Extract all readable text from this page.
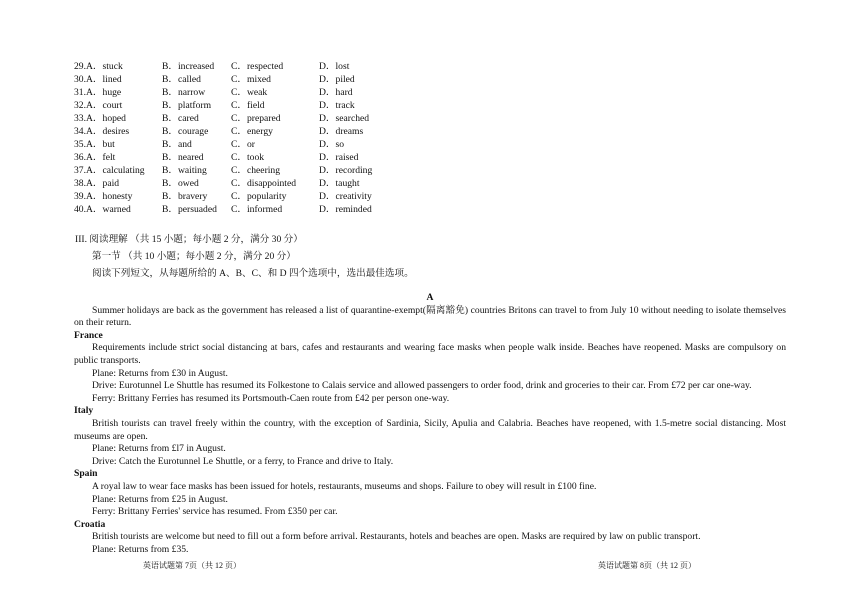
29. A．stuck	B．increased C．respected	D．lost
30. A．lined	B．called	C．mixed	D．piled
31. A．huge	B．narrow	C．weak	D．hard
32. A．court	B．platform C．field	D．track
33. A．hoped	B．cared	C．prepared	D．searched
34. A．desires	B．courage C．energy	D．dreams
35. A．but	B．and	C．or	D．so
36. A．felt	B．neared	C．took	D．raised
37. A．calculating B．waiting	C．cheering	D．recording
38. A．paid	B．owed	C．disappointed D．taught
39. A．honesty	B．bravery C．popularity	D．creativity
40. A．warned	B．persuaded C．informed	D．reminded
III. 阅读理解 （共 15 小题；每小题 2 分，满分 30 分）
第一节 （共 10 小题；每小题 2 分，满分 20 分）
阅读下列短文，从每题所给的 A、B、C、和 D 四个选项中，选出最佳选项。

A

Summer holidays are back as the government has released a list of quarantine-exempt(隔离豁免) countries Britons can travel to from July 10 without needing to isolate themselves on their return.

France

Requirements include strict social distancing at bars, cafes and restaurants and wearing face masks when people walk inside. Beaches have reopened. Masks are compulsory on public transports.

Plane: Returns from £30 in August.

Drive: Eurotunnel Le Shuttle has resumed its Folkestone to Calais service and allowed passengers to order food, drink and groceries to their car. From £72 per car one-way.

Ferry: Brittany Ferries has resumed its Portsmouth-Caen route from £42 per person one-way.

Italy

British tourists can travel freely within the country, with the exception of Sardinia, Sicily, Apulia and Calabria. Beaches have reopened, with 1.5-metre social distancing. Most museums are open.

Plane: Returns from £l7 in August.

Drive: Catch the Eurotunnel Le Shuttle, or a ferry, to France and drive to Italy.

Spain

A royal law to wear face masks has been issued for hotels, restaurants, museums and shops. Failure to obey will result in £100 fine.

Plane: Returns from £25 in August.

Ferry: Brittany Ferries' service has resumed. From £350 per car.

Croatia

British tourists are welcome but need to fill out a form before arrival. Restaurants, hotels and beaches are open. Masks are required by law on public transport.

Plane: Returns from £35.

英语试题第 7页（共 12 页）	英语试题第 8页（共 12 页）
